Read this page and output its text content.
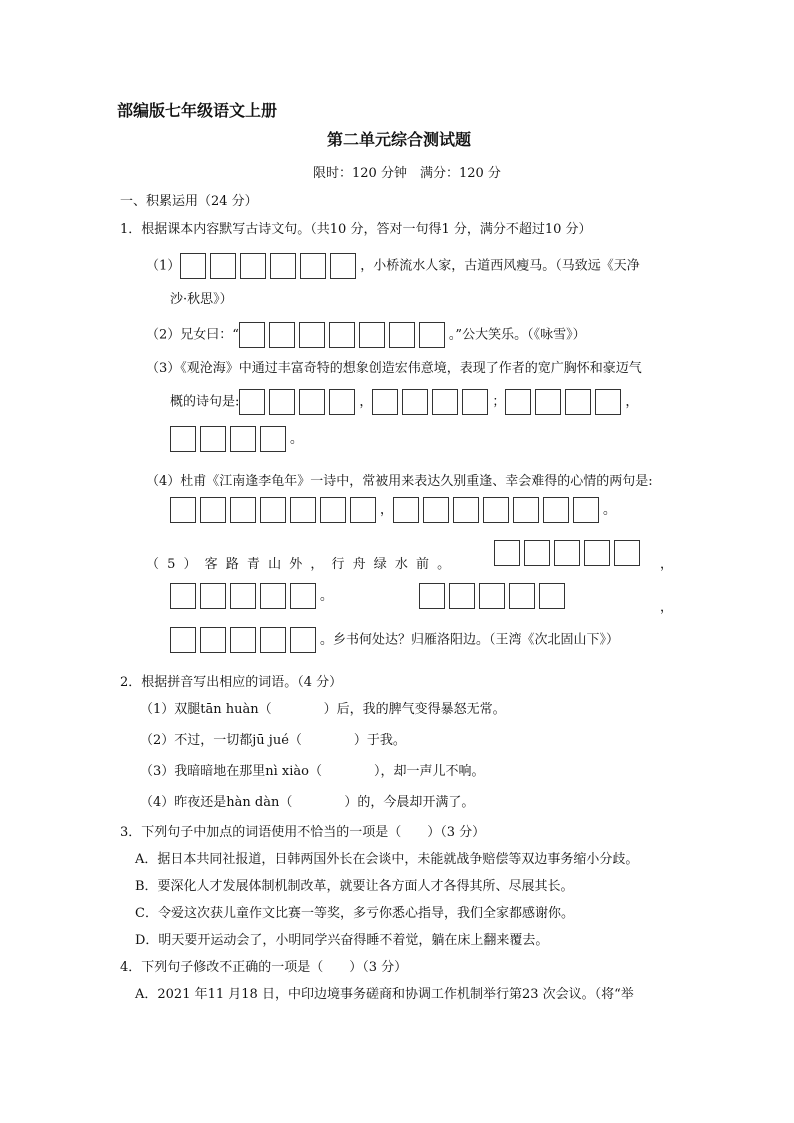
部编版七年级语文上册
第二单元综合测试题
限时：120 分钟　满分：120 分
一、积累运用（24 分）
1．根据课本内容默写古诗文句。（共10 分，答对一句得1 分，满分不超过10 分）
（1）	，小桥流水人家，古道西风瘦马。（马致远《天净
沙·秋思》）
（2）兄女曰：“	。”公大笑乐。（《咏雪》）
（3）《观沧海》中通过丰富奇特的想象创造宏伟意境，表现了作者的宽广胸怀和豪迈气
概的诗句是:	，	；	，
。
（4）杜甫《江南逢李龟年》一诗中，常被用来表达久别重逢、幸会难得的心情的两句是:
，	。
（ 5 ） 客 路 青 山 外 ， 行 舟 绿 水 前 。	，
。
，
。乡书何处达？归雁洛阳边。（王湾《次北固山下》）
2．根据拼音写出相应的词语。（4 分）
（1）双腿tān huàn（　　　　）后，我的脾气变得暴怒无常。
（2）不过，一切都jū jué（　　　　）于我。
（3）我暗暗地在那里nì xiào（　　　　），却一声儿不响。
（4）昨夜还是hàn dàn（　　　　）的，今晨却开满了。
3．下列句子中加点的词语使用不恰当的一项是（　　）（3 分）
A．据日本共同社报道，日韩两国外长在会谈中，未能就战争赔偿等双边事务缩小分歧。
B．要深化人才发展体制机制改革，就要让各方面人才各得其所、尽展其长。
C．令爱这次获儿童作文比赛一等奖，多亏你悉心指导，我们全家都感谢你。
D．明天要开运动会了，小明同学兴奋得睡不着觉，躺在床上翻来覆去。
4．下列句子修改不正确的一项是（　　）（3 分）
A．2021 年11 月18 日，中印边境事务磋商和协调工作机制举行第23 次会议。（将“举
